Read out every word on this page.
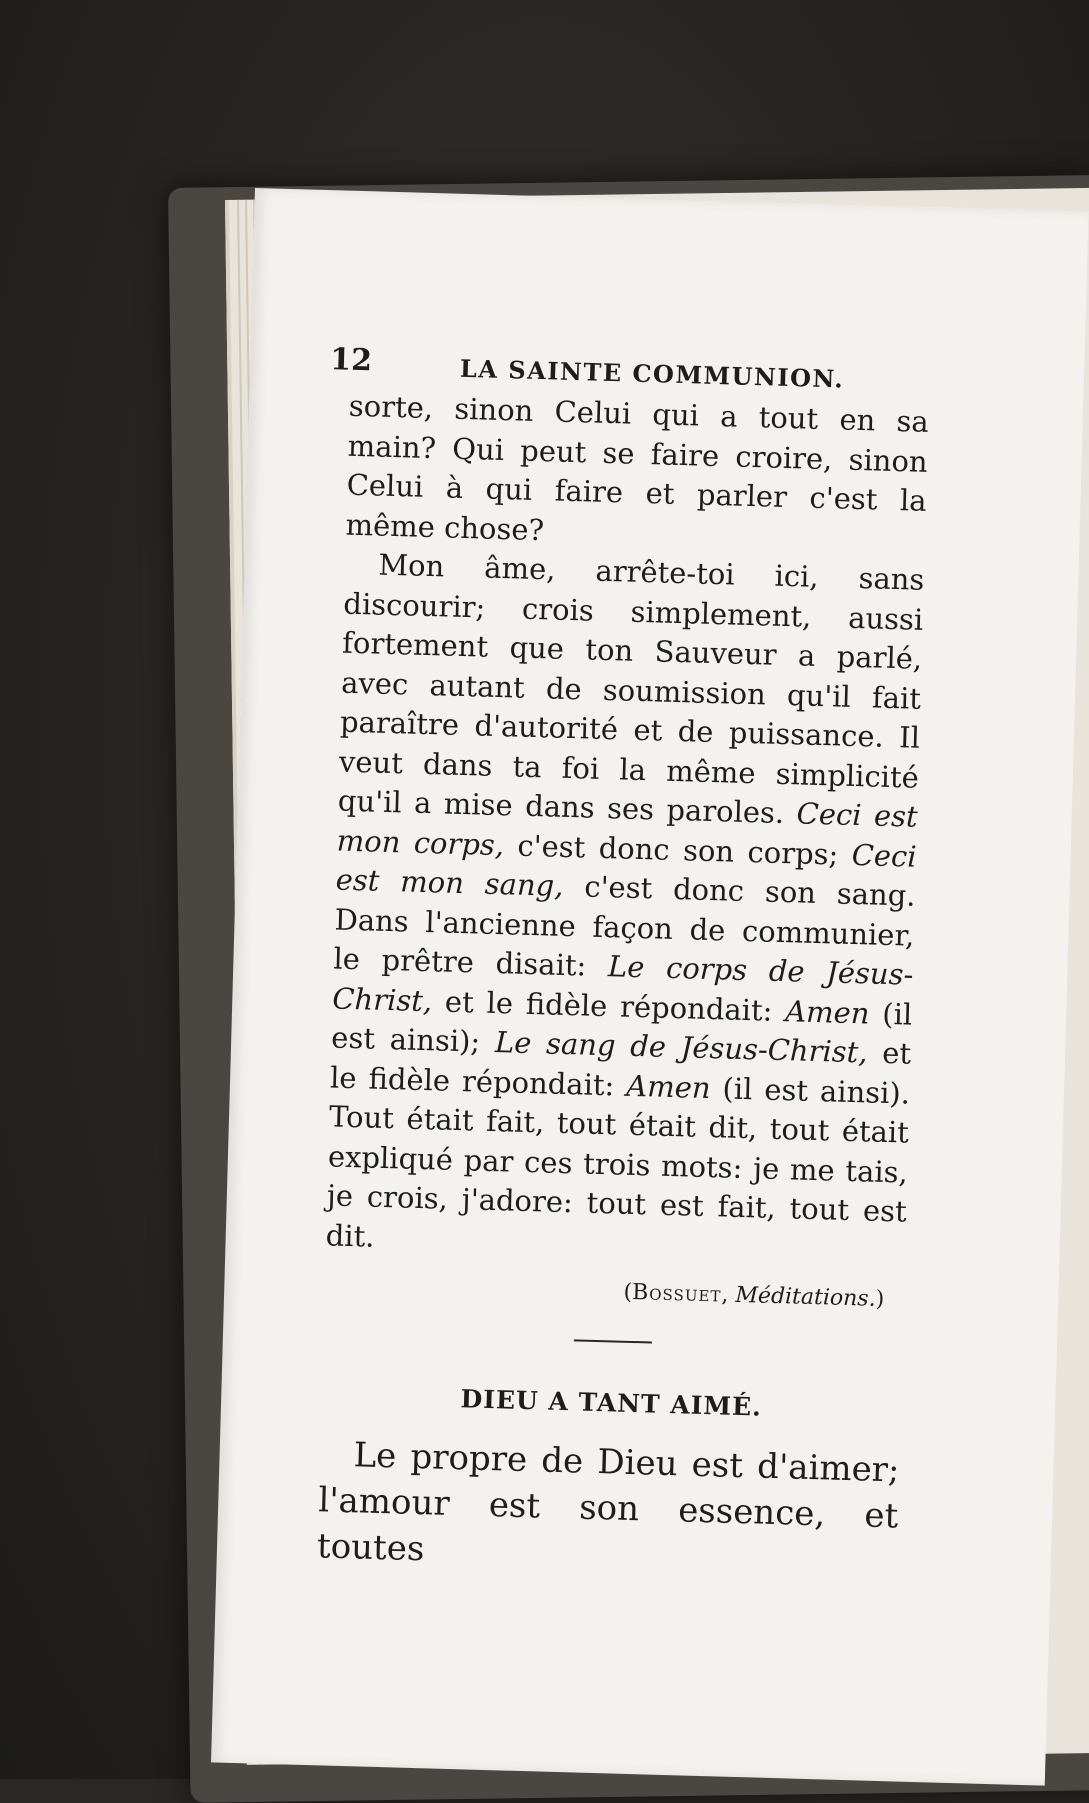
12	LA SAINTE COMMUNION.

sorte, sinon Celui qui a tout en sa main? Qui peut se faire croire, sinon Celui à qui faire et parler c'est la même chose?

Mon âme, arrête-toi ici, sans discourir; crois simplement, aussi fortement que ton Sauveur a parlé, avec autant de soumission qu'il fait paraître d'autorité et de puissance. Il veut dans ta foi la même simplicité qu'il a mise dans ses paroles. Ceci est mon corps, c'est donc son corps; Ceci est mon sang, c'est donc son sang. Dans l'ancienne façon de communier, le prêtre disait: Le corps de Jésus-Christ, et le fidèle répondait: Amen (il est ainsi); Le sang de Jésus-Christ, et le fidèle répondait: Amen (il est ainsi). Tout était fait, tout était dit, tout était expliqué par ces trois mots: je me tais, je crois, j'adore: tout est fait, tout est dit.

(Bossuet, Méditations.)
DIEU A TANT AIMÉ.

Le propre de Dieu est d'aimer; l'amour est son essence, et toutes
